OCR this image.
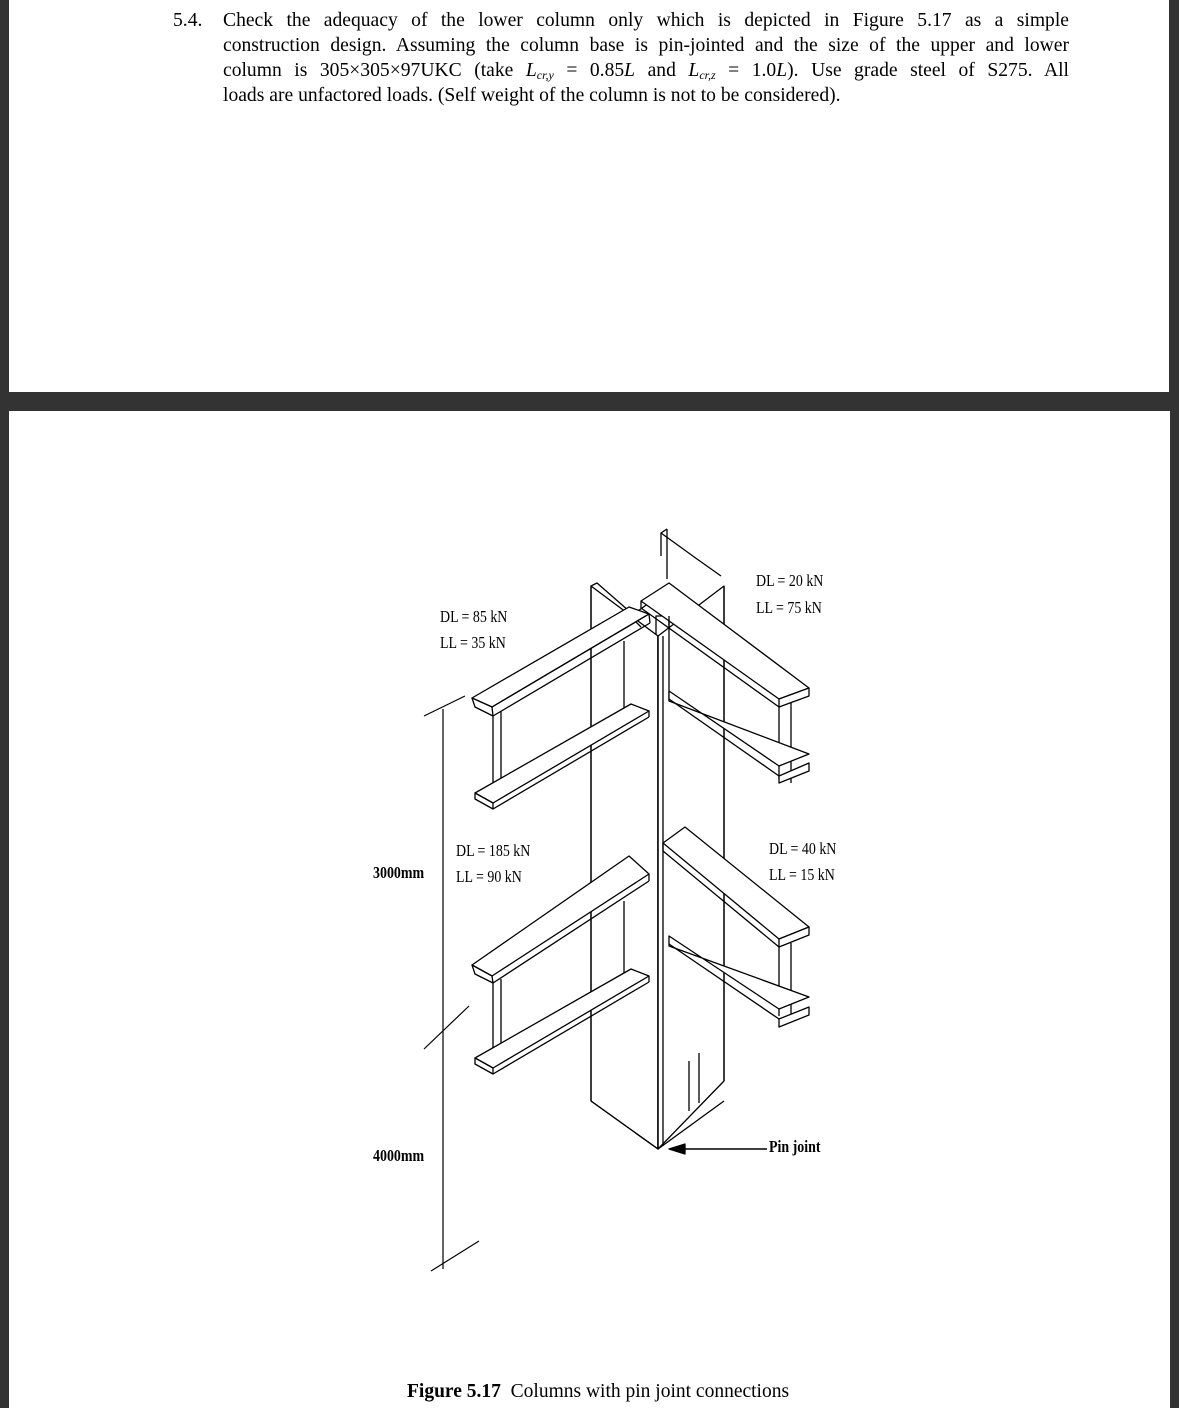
5.4. Check the adequacy of the lower column only which is depicted in Figure 5.17 as a simple
construction design. Assuming the column base is pin-jointed and the size of the upper and lower
column is 305×305×97UKC (take $L_{cr,y} = 0.85L$ and $L_{cr,z} = 1.0L$). Use grade steel of S275. All
loads are unfactored loads. (Self weight of the column is not to be considered).
DL = 85 kN
LL = 35 kN
DL = 20 kN
LL = 75 kN
DL = 185 kN
LL = 90 kN
DL = 40 kN
LL = 15 kN
3000mm
4000mm	Pin joint
Figure 5.17 Columns with pin joint connections
